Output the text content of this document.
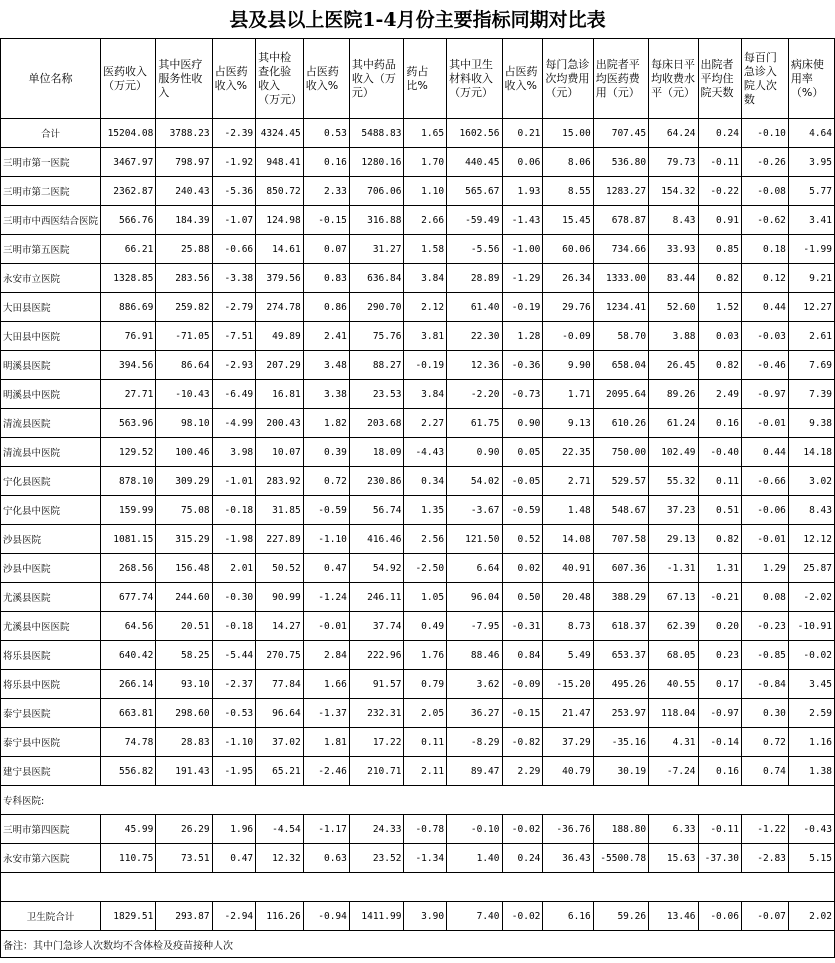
县及县以上医院1-4月份主要指标同期对比表
单位名称	医药收入（万元）	其中医疗服务性收入	占医药收入%	其中检查化验收入（万元）	占医药收入%	其中药品收入（万元）	药占比%	其中卫生材料收入（万元）	占医药收入%	每门急诊次均费用（元）	出院者平均医药费用（元）	每床日平均收费水平（元）	出院者平均住院天数	每百门急诊入院人次数	病床使用率（%）
合计	15204.08	3788.23	-2.39	4324.45	0.53	5488.83	1.65	1602.56	0.21	15.00	707.45	64.24	0.24	-0.10	4.64
三明市第一医院	3467.97	798.97	-1.92	948.41	0.16	1280.16	1.70	440.45	0.06	8.06	536.80	79.73	-0.11	-0.26	3.95
三明市第二医院	2362.87	240.43	-5.36	850.72	2.33	706.06	1.10	565.67	1.93	8.55	1283.27	154.32	-0.22	-0.08	5.77
三明市中西医结合医院	566.76	184.39	-1.07	124.98	-0.15	316.88	2.66	-59.49	-1.43	15.45	678.87	8.43	0.91	-0.62	3.41
三明市第五医院	66.21	25.88	-0.66	14.61	0.07	31.27	1.58	-5.56	-1.00	60.06	734.66	33.93	0.85	0.18	-1.99
永安市立医院	1328.85	283.56	-3.38	379.56	0.83	636.84	3.84	28.89	-1.29	26.34	1333.00	83.44	0.82	0.12	9.21
大田县医院	886.69	259.82	-2.79	274.78	0.86	290.70	2.12	61.40	-0.19	29.76	1234.41	52.60	1.52	0.44	12.27
大田县中医院	76.91	-71.05	-7.51	49.89	2.41	75.76	3.81	22.30	1.28	-0.09	58.70	3.88	0.03	-0.03	2.61
明溪县医院	394.56	86.64	-2.93	207.29	3.48	88.27	-0.19	12.36	-0.36	9.90	658.04	26.45	0.82	-0.46	7.69
明溪县中医院	27.71	-10.43	-6.49	16.81	3.38	23.53	3.84	-2.20	-0.73	1.71	2095.64	89.26	2.49	-0.97	7.39
清流县医院	563.96	98.10	-4.99	200.43	1.82	203.68	2.27	61.75	0.90	9.13	610.26	61.24	0.16	-0.01	9.38
清流县中医院	129.52	100.46	3.98	10.07	0.39	18.09	-4.43	0.90	0.05	22.35	750.00	102.49	-0.40	0.44	14.18
宁化县医院	878.10	309.29	-1.01	283.92	0.72	230.86	0.34	54.02	-0.05	2.71	529.57	55.32	0.11	-0.66	3.02
宁化县中医院	159.99	75.08	-0.18	31.85	-0.59	56.74	1.35	-3.67	-0.59	1.48	548.67	37.23	0.51	-0.06	8.43
沙县医院	1081.15	315.29	-1.98	227.89	-1.10	416.46	2.56	121.50	0.52	14.08	707.58	29.13	0.82	-0.01	12.12
沙县中医院	268.56	156.48	2.01	50.52	0.47	54.92	-2.50	6.64	0.02	40.91	607.36	-1.31	1.31	1.29	25.87
尤溪县医院	677.74	244.60	-0.30	90.99	-1.24	246.11	1.05	96.04	0.50	20.48	388.29	67.13	-0.21	0.08	-2.02
尤溪县中医医院	64.56	20.51	-0.18	14.27	-0.01	37.74	0.49	-7.95	-0.31	8.73	618.37	62.39	0.20	-0.23	-10.91
将乐县医院	640.42	58.25	-5.44	270.75	2.84	222.96	1.76	88.46	0.84	5.49	653.37	68.05	0.23	-0.85	-0.02
将乐县中医院	266.14	93.10	-2.37	77.84	1.66	91.57	0.79	3.62	-0.09	-15.20	495.26	40.55	0.17	-0.84	3.45
泰宁县医院	663.81	298.60	-0.53	96.64	-1.37	232.31	2.05	36.27	-0.15	21.47	253.97	118.04	-0.97	0.30	2.59
泰宁县中医院	74.78	28.83	-1.10	37.02	1.81	17.22	0.11	-8.29	-0.82	37.29	-35.16	4.31	-0.14	0.72	1.16
建宁县医院	556.82	191.43	-1.95	65.21	-2.46	210.71	2.11	89.47	2.29	40.79	30.19	-7.24	0.16	0.74	1.38
专科医院:															
三明市第四医院	45.99	26.29	1.96	-4.54	-1.17	24.33	-0.78	-0.10	-0.02	-36.76	188.80	6.33	-0.11	-1.22	-0.43
永安市第六医院	110.75	73.51	0.47	12.32	0.63	23.52	-1.34	1.40	0.24	36.43	-5500.78	15.63	-37.30	-2.83	5.15

卫生院合计	1829.51	293.87	-2.94	116.26	-0.94	1411.99	3.90	7.40	-0.02	6.16	59.26	13.46	-0.06	-0.07	2.02
备注：其中门急诊人次数均不含体检及疫苗接种人次															
